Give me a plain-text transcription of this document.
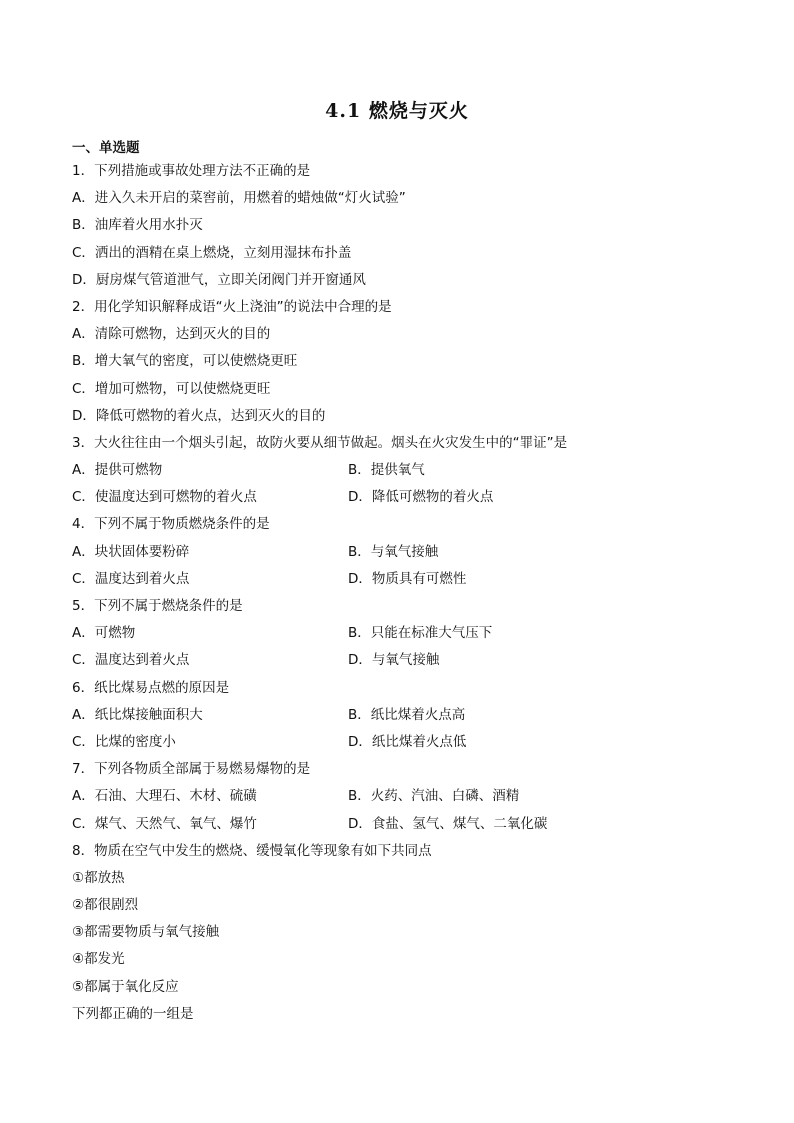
4.1 燃烧与灭火
一、单选题
1．下列措施或事故处理方法不正确的是
A．进入久未开启的菜窖前，用燃着的蜡烛做“灯火试验”
B．油库着火用水扑灭
C．洒出的酒精在桌上燃烧，立刻用湿抹布扑盖
D．厨房煤气管道泄气，立即关闭阀门并开窗通风
2．用化学知识解释成语“火上浇油”的说法中合理的是
A．清除可燃物，达到灭火的目的
B．增大氧气的密度，可以使燃烧更旺
C．增加可燃物，可以使燃烧更旺
D．降低可燃物的着火点，达到灭火的目的
3．大火往往由一个烟头引起，故防火要从细节做起。烟头在火灾发生中的“罪证”是
A．提供可燃物	B．提供氧气
C．使温度达到可燃物的着火点	D．降低可燃物的着火点
4．下列不属于物质燃烧条件的是
A．块状固体要粉碎	B．与氧气接触
C．温度达到着火点	D．物质具有可燃性
5．下列不属于燃烧条件的是
A．可燃物	B．只能在标准大气压下
C．温度达到着火点	D．与氧气接触
6．纸比煤易点燃的原因是
A．纸比煤接触面积大	B．纸比煤着火点高
C．比煤的密度小	D．纸比煤着火点低
7．下列各物质全部属于易燃易爆物的是
A．石油、大理石、木材、硫磺	B．火药、汽油、白磷、酒精
C．煤气、天然气、氧气、爆竹	D．食盐、氢气、煤气、二氧化碳
8．物质在空气中发生的燃烧、缓慢氧化等现象有如下共同点
①都放热
②都很剧烈
③都需要物质与氧气接触
④都发光
⑤都属于氧化反应
下列都正确的一组是
